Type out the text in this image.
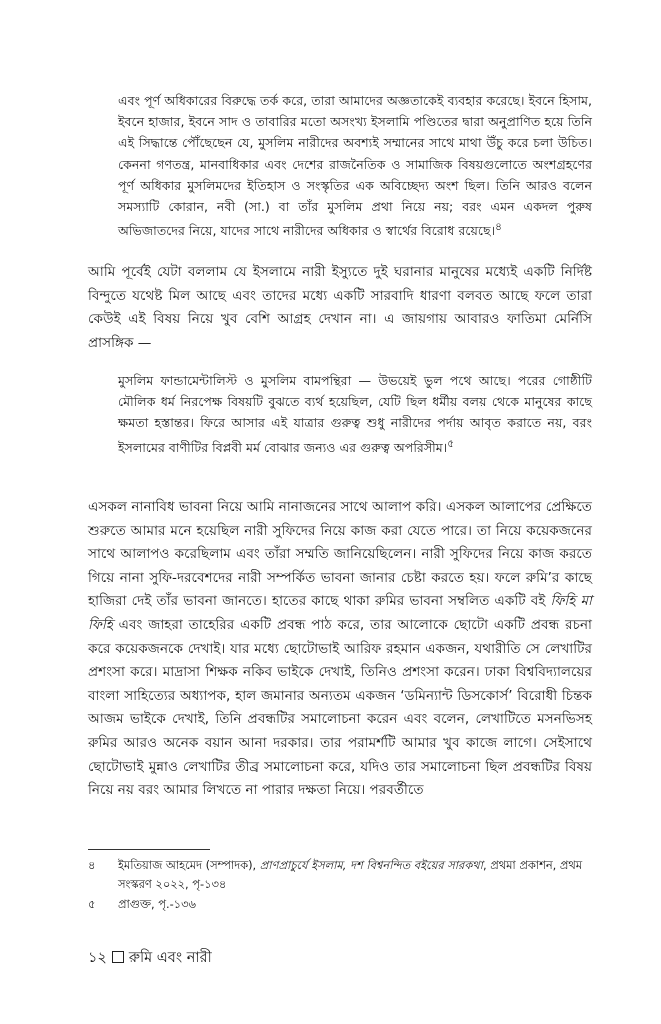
এবং পূর্ণ অধিকারের বিরুদ্ধে তর্ক করে, তারা আমাদের অজ্ঞতাকেই ব্যবহার করেছে। ইবনে হিসাম, ইবনে হাজার, ইবনে সাদ ও তাবারির মতো অসংখ্য ইসলামি পণ্ডিতের দ্বারা অনুপ্রাণিত হয়ে তিনি এই সিদ্ধান্তে পৌঁছেছেন যে, মুসলিম নারীদের অবশ্যই সম্মানের সাথে মাথা উঁচু করে চলা উচিত। কেননা গণতন্ত্র, মানবাধিকার এবং দেশের রাজনৈতিক ও সামাজিক বিষয়গুলোতে অংশগ্রহণের পূর্ণ অধিকার মুসলিমদের ইতিহাস ও সংস্কৃতির এক অবিচ্ছেদ্য অংশ ছিল। তিনি আরও বলেন সমস্যাটি কোরান, নবী (সা.) বা তাঁর মুসলিম প্রথা নিয়ে নয়; বরং এমন একদল পুরুষ অভিজাতদের নিয়ে, যাদের সাথে নারীদের অধিকার ও স্বার্থের বিরোধ রয়েছে।$^৪$

আমি পূর্বেই যেটা বললাম যে ইসলামে নারী ইস্যুতে দুই ঘরানার মানুষের মধ্যেই একটি নির্দিষ্ট বিন্দুতে যথেষ্ট মিল আছে এবং তাদের মধ্যে একটি সারবাদি ধারণা বলবত আছে ফলে তারা কেউই এই বিষয় নিয়ে খুব বেশি আগ্রহ দেখান না। এ জায়গায় আবারও ফাতিমা মের্নিসি প্রাসঙ্গিক —

মুসলিম ফান্ডামেন্টালিস্ট ও মুসলিম বামপন্থিরা — উভয়েই ভুল পথে আছে। পরের গোষ্ঠীটি মৌলিক ধর্ম নিরপেক্ষ বিষয়টি বুঝতে ব্যর্থ হয়েছিল, যেটি ছিল ধর্মীয় বলয় থেকে মানুষের কাছে ক্ষমতা হস্তান্তর। ফিরে আসার এই যাত্রার গুরুত্ব শুধু নারীদের পর্দায় আবৃত করাতে নয়, বরং ইসলামের বাণীটির বিপ্লবী মর্ম বোঝার জন্যও এর গুরুত্ব অপরিসীম।$^৫$

এসকল নানাবিধ ভাবনা নিয়ে আমি নানাজনের সাথে আলাপ করি। এসকল আলাপের প্রেক্ষিতে শুরুতে আমার মনে হয়েছিল নারী সুফিদের নিয়ে কাজ করা যেতে পারে। তা নিয়ে কয়েকজনের সাথে আলাপও করেছিলাম এবং তাঁরা সম্মতি জানিয়েছিলেন। নারী সুফিদের নিয়ে কাজ করতে গিয়ে নানা সুফি-দরবেশদের নারী সম্পর্কিত ভাবনা জানার চেষ্টা করতে হয়। ফলে রুমি’র কাছে হাজিরা দেই তাঁর ভাবনা জানতে। হাতের কাছে থাকা রুমির ভাবনা সম্বলিত একটি বই ফিহি মা ফিহি এবং জাহরা তাহেরির একটি প্রবন্ধ পাঠ করে, তার আলোকে ছোটো একটি প্রবন্ধ রচনা করে কয়েকজনকে দেখাই। যার মধ্যে ছোটোভাই আরিফ রহমান একজন, যথারীতি সে লেখাটির প্রশংসা করে। মাদ্রাসা শিক্ষক নকিব ভাইকে দেখাই, তিনিও প্রশংসা করেন। ঢাকা বিশ্ববিদ্যালয়ের বাংলা সাহিত্যের অধ্যাপক, হাল জমানার অন্যতম একজন ‘ডমিন্যান্ট ডিসকোর্স’ বিরোধী চিন্তক আজম ভাইকে দেখাই, তিনি প্রবন্ধটির সমালোচনা করেন এবং বলেন, লেখাটিতে মসনভিসহ রুমির আরও অনেক বয়ান আনা দরকার। তার পরামর্শটি আমার খুব কাজে লাগে। সেইসাথে ছোটোভাই মুন্নাও লেখাটির তীব্র সমালোচনা করে, যদিও তার সমালোচনা ছিল প্রবন্ধটির বিষয় নিয়ে নয় বরং আমার লিখতে না পারার দক্ষতা নিয়ে। পরবর্তীতে

৪ ইমতিয়াজ আহমেদ (সম্পাদক), প্রাণপ্রাচুর্যে ইসলাম, দশ বিশ্বনন্দিত বইয়ের সারকথা, প্রথমা প্রকাশন, প্রথম সংস্করণ ২০২২, পৃ-১৩৪

৫ প্রাগুক্ত, পৃ.-১৩৬

১২ রুমি এবং নারী
